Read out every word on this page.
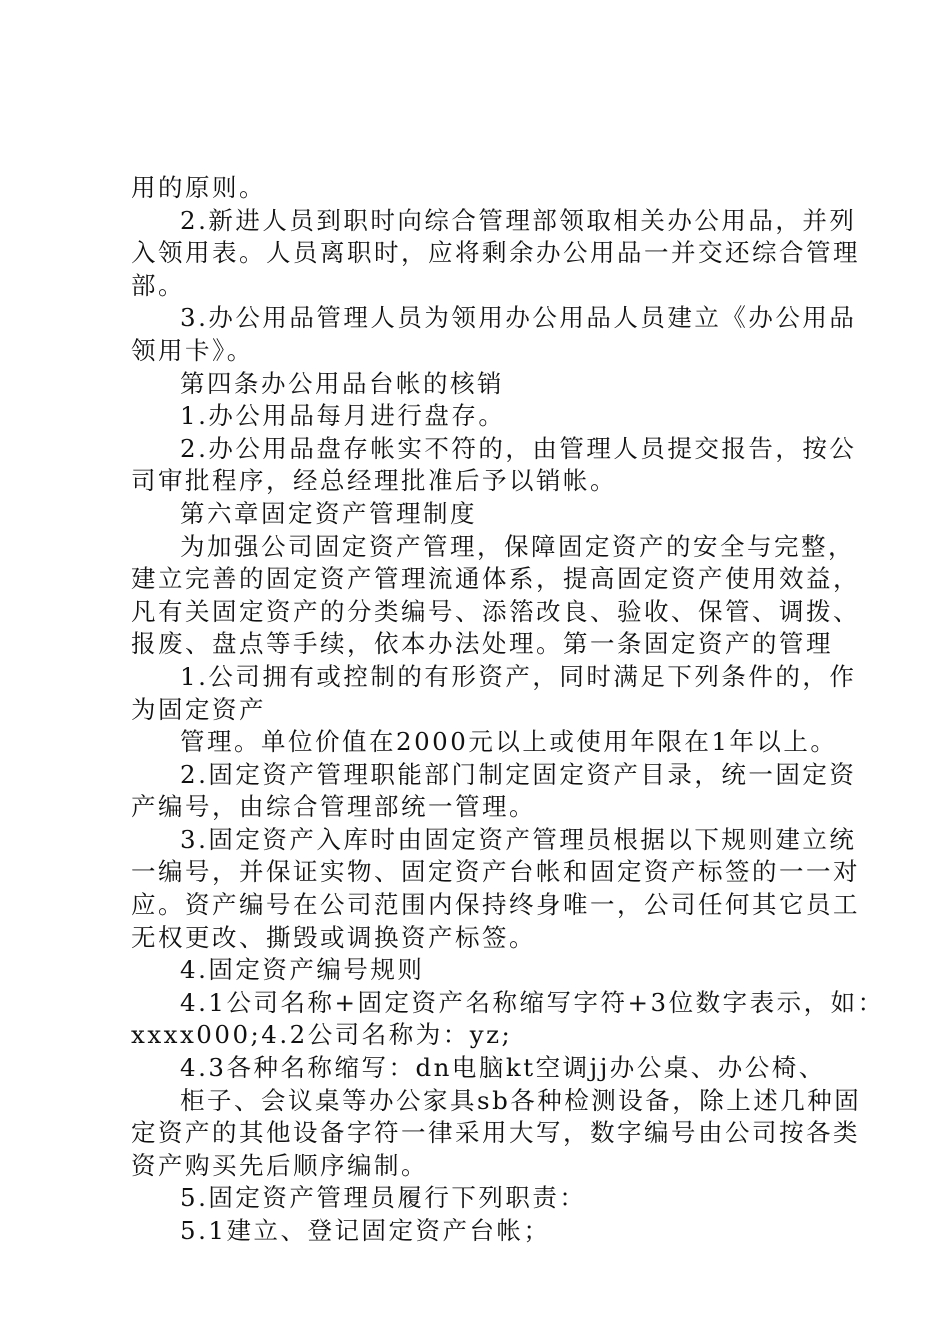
用的原则。
2.新进人员到职时向综合管理部领取相关办公用品，并列
入领用表。人员离职时，应将剩余办公用品一并交还综合管理
部。
3.办公用品管理人员为领用办公用品人员建立《办公用品
领用卡》。
第四条办公用品台帐的核销
1.办公用品每月进行盘存。
2.办公用品盘存帐实不符的，由管理人员提交报告，按公
司审批程序，经总经理批准后予以销帐。
第六章固定资产管理制度
为加强公司固定资产管理，保障固定资产的安全与完整，
建立完善的固定资产管理流通体系，提高固定资产使用效益，
凡有关固定资产的分类编号、添箈改良、验收、保管、调拨、
报废、盘点等手续，依本办法处理。第一条固定资产的管理
1.公司拥有或控制的有形资产，同时满足下列条件的，作
为固定资产
管理。单位价值在2000元以上或使用年限在1年以上。
2.固定资产管理职能部门制定固定资产目录，统一固定资
产编号，由综合管理部统一管理。
3.固定资产入库时由固定资产管理员根据以下规则建立统
一编号，并保证实物、固定资产台帐和固定资产标签的一一对
应。资产编号在公司范围内保持终身唯一，公司任何其它员工
无权更改、撕毁或调换资产标签。
4.固定资产编号规则
4.1公司名称+固定资产名称缩写字符+3位数字表示，如：
xxxx000;4.2公司名称为：yz;
4.3各种名称缩写：dn电脑kt空调jj办公桌、办公椅、
柜子、会议桌等办公家具sb各种检测设备，除上述几种固
定资产的其他设备字符一律采用大写，数字编号由公司按各类
资产购买先后顺序编制。
5.固定资产管理员履行下列职责：
5.1建立、登记固定资产台帐；
